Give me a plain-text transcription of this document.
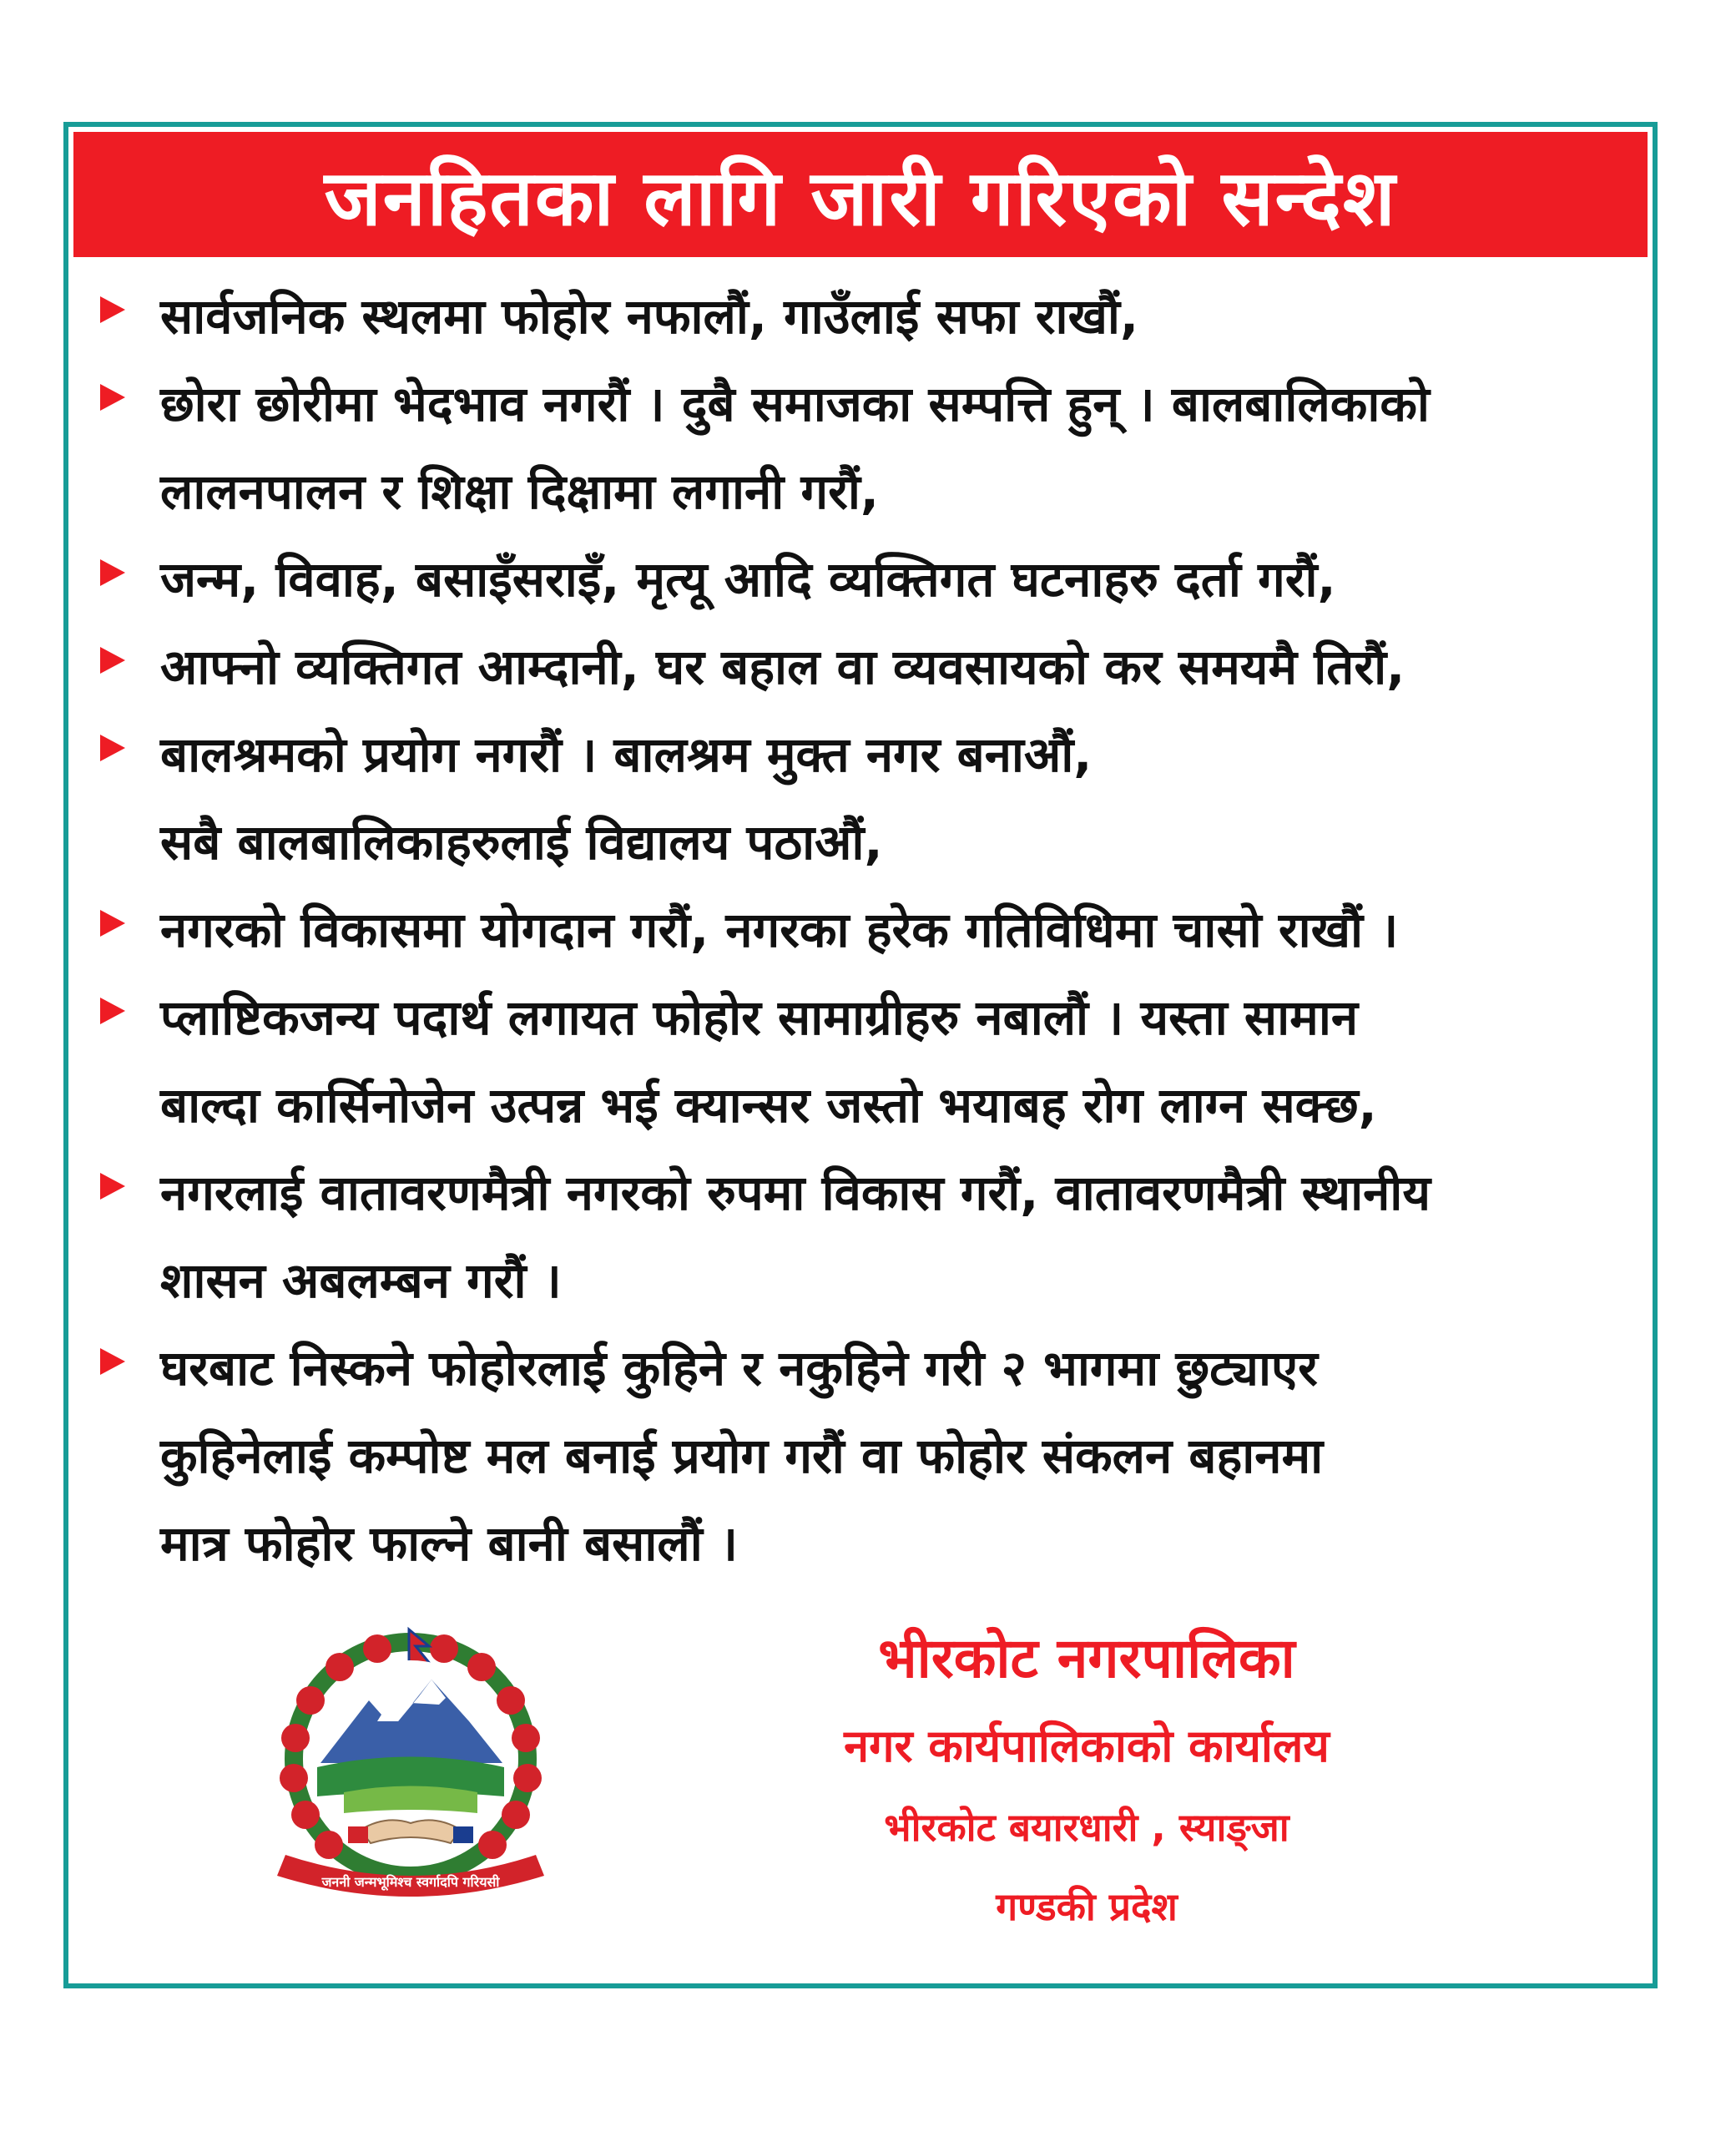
जनहितका लागि जारी गरिएको सन्देश
सार्वजनिक स्थलमा फोहोर नफालौं, गाउँलाई सफा राखौं,
छोरा छोरीमा भेदभाव नगरौं । दुबै समाजका सम्पत्ति हुन् । बालबालिकाको
लालनपालन र शिक्षा दिक्षामा लगानी गरौं,
जन्म, विवाह, बसाइँसराइँ, मृत्यू आदि व्यक्तिगत घटनाहरु दर्ता गरौं,
आफ्नो व्यक्तिगत आम्दानी, घर बहाल वा व्यवसायको कर समयमै तिरौं,
बालश्रमको प्रयोग नगरौं । बालश्रम मुक्त नगर बनाऔं,
सबै बालबालिकाहरुलाई विद्यालय पठाऔं,
नगरको विकासमा योगदान गरौं, नगरका हरेक गतिविधिमा चासो राखौं ।
प्लाष्टिकजन्य पदार्थ लगायत फोहोर सामाग्रीहरु नबालौं । यस्ता सामान
बाल्दा कार्सिनोजेन उत्पन्न भई क्यान्सर जस्तो भयाबह रोग लाग्न सक्छ,
नगरलाई वातावरणमैत्री नगरको रुपमा विकास गरौं, वातावरणमैत्री स्थानीय
शासन अबलम्बन गरौं ।
घरबाट निस्कने फोहोरलाई कुहिने र नकुहिने गरी २ भागमा छुट्याएर
कुहिनेलाई कम्पोष्ट मल बनाई प्रयोग गरौं वा फोहोर संकलन बहानमा
मात्र फोहोर फाल्ने बानी बसालौं ।
जननी जन्मभूमिश्च स्वर्गादपि गरियसी
भीरकोट नगरपालिका
नगर कार्यपालिकाको कार्यालय
भीरकोट बयारधारी , स्याङ्जा
गण्डकी प्रदेश
